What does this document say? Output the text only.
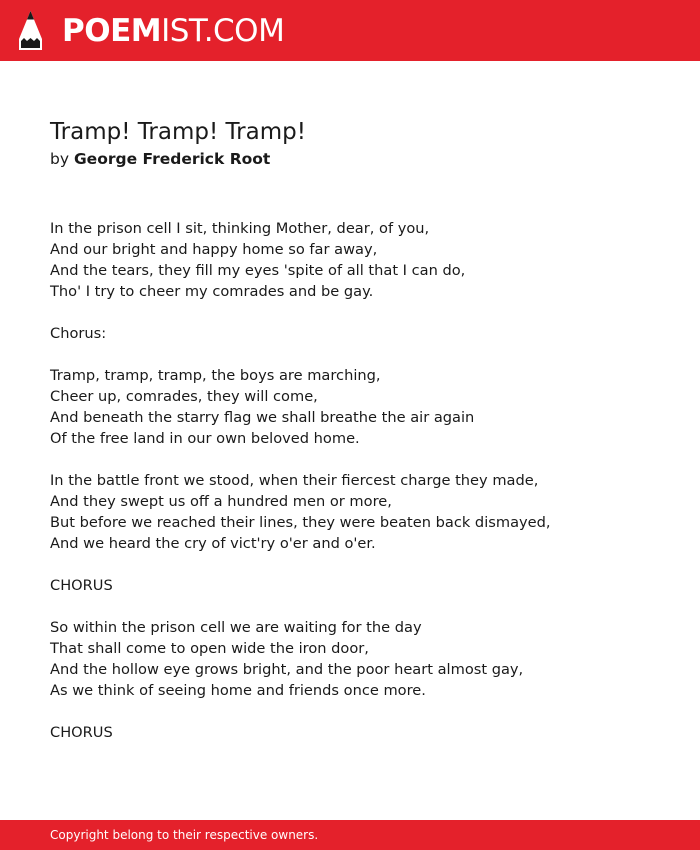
POEMIST.COM
Tramp! Tramp! Tramp!
by George Frederick Root
In the prison cell I sit, thinking Mother, dear, of you,
And our bright and happy home so far away,
And the tears, they fill my eyes 'spite of all that I can do,
Tho' I try to cheer my comrades and be gay.
Chorus:
Tramp, tramp, tramp, the boys are marching,
Cheer up, comrades, they will come,
And beneath the starry flag we shall breathe the air again
Of the free land in our own beloved home.
In the battle front we stood, when their fiercest charge they made,
And they swept us off a hundred men or more,
But before we reached their lines, they were beaten back dismayed,
And we heard the cry of vict'ry o'er and o'er.
CHORUS
So within the prison cell we are waiting for the day
That shall come to open wide the iron door,
And the hollow eye grows bright, and the poor heart almost gay,
As we think of seeing home and friends once more.
CHORUS
Copyright belong to their respective owners.
